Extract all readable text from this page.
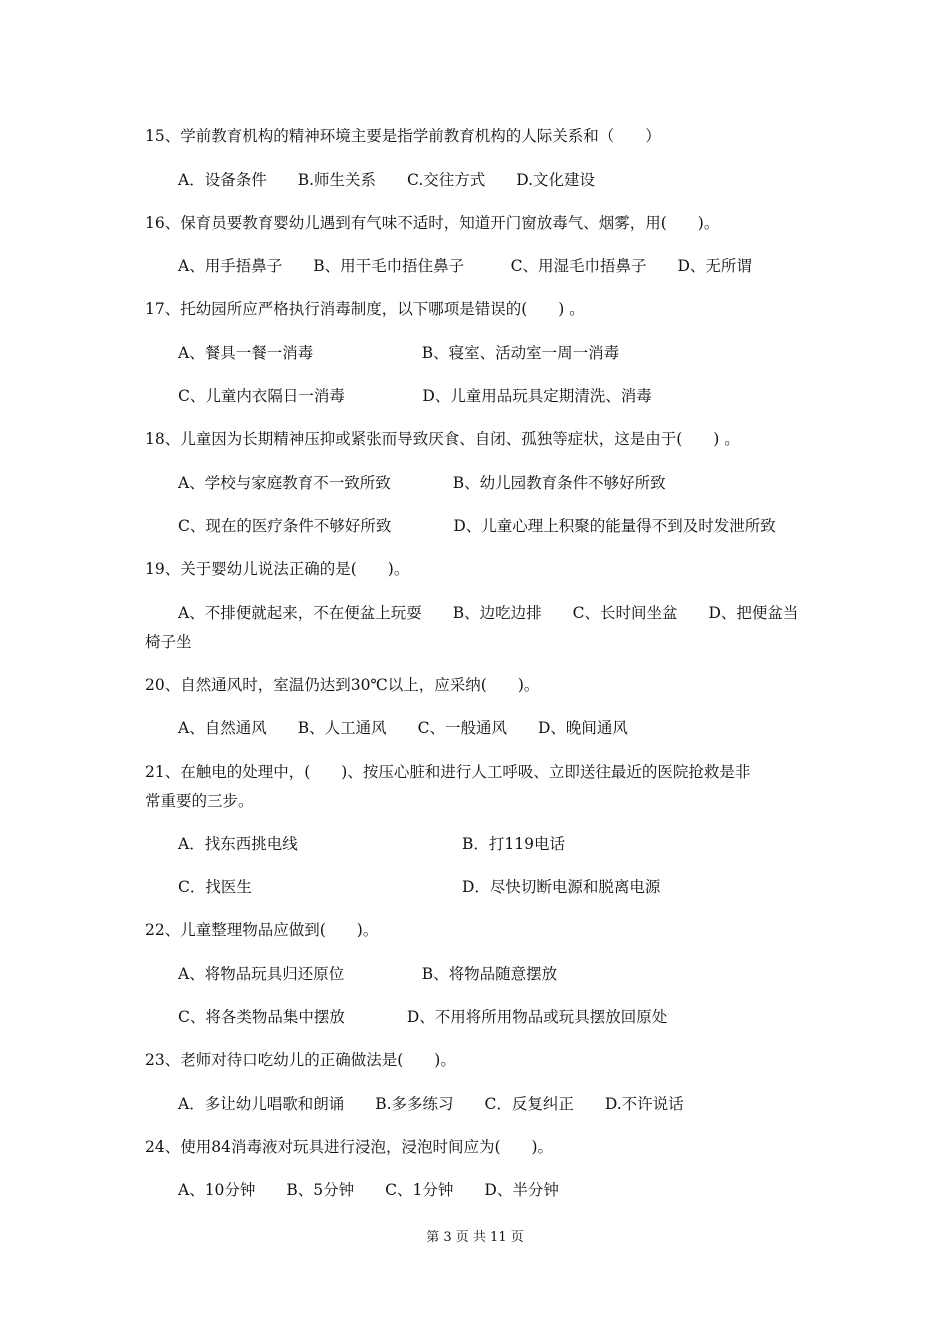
15、学前教育机构的精神环境主要是指学前教育机构的人际关系和（　　）
A．设备条件　　B.师生关系　　C.交往方式　　D.文化建设
16、保育员要教育婴幼儿遇到有气味不适时，知道开门窗放毒气、烟雾，用(　　)。
A、用手捂鼻子　　B、用干毛巾捂住鼻子　　　C、用湿毛巾捂鼻子　　D、无所谓
17、托幼园所应严格执行消毒制度，以下哪项是错误的(　　) 。
A、餐具一餐一消毒　　　　　　　B、寝室、活动室一周一消毒
C、儿童内衣隔日一消毒　　　　　D、儿童用品玩具定期清洗、消毒
18、儿童因为长期精神压抑或紧张而导致厌食、自闭、孤独等症状，这是由于(　　) 。
A、学校与家庭教育不一致所致　　　　B、幼儿园教育条件不够好所致
C、现在的医疗条件不够好所致　　　　D、儿童心理上积聚的能量得不到及时发泄所致
19、关于婴幼儿说法正确的是(　　)。
A、不排便就起来，不在便盆上玩耍　　B、边吃边排　　C、长时间坐盆　　D、把便盆当
椅子坐
20、自然通风时，室温仍达到30℃以上，应采纳(　　)。
A、自然通风　　B、人工通风　　C、一般通风　　D、晚间通风
21、在触电的处理中，(　　)、按压心脏和进行人工呼吸、立即送往最近的医院抢救是非
常重要的三步。
A．找东西挑电线	B．打119电话
C．找医生	D．尽快切断电源和脱离电源
22、儿童整理物品应做到(　　)。
A、将物品玩具归还原位　　　　　B、将物品随意摆放
C、将各类物品集中摆放　　　　D、不用将所用物品或玩具摆放回原处
23、老师对待口吃幼儿的正确做法是(　　)。
A．多让幼儿唱歌和朗诵　　B.多多练习　　C．反复纠正　　D.不许说话
24、使用84消毒液对玩具进行浸泡，浸泡时间应为(　　)。
A、10分钟　　B、5分钟　　C、1分钟　　D、半分钟
第 3 页 共 11 页
